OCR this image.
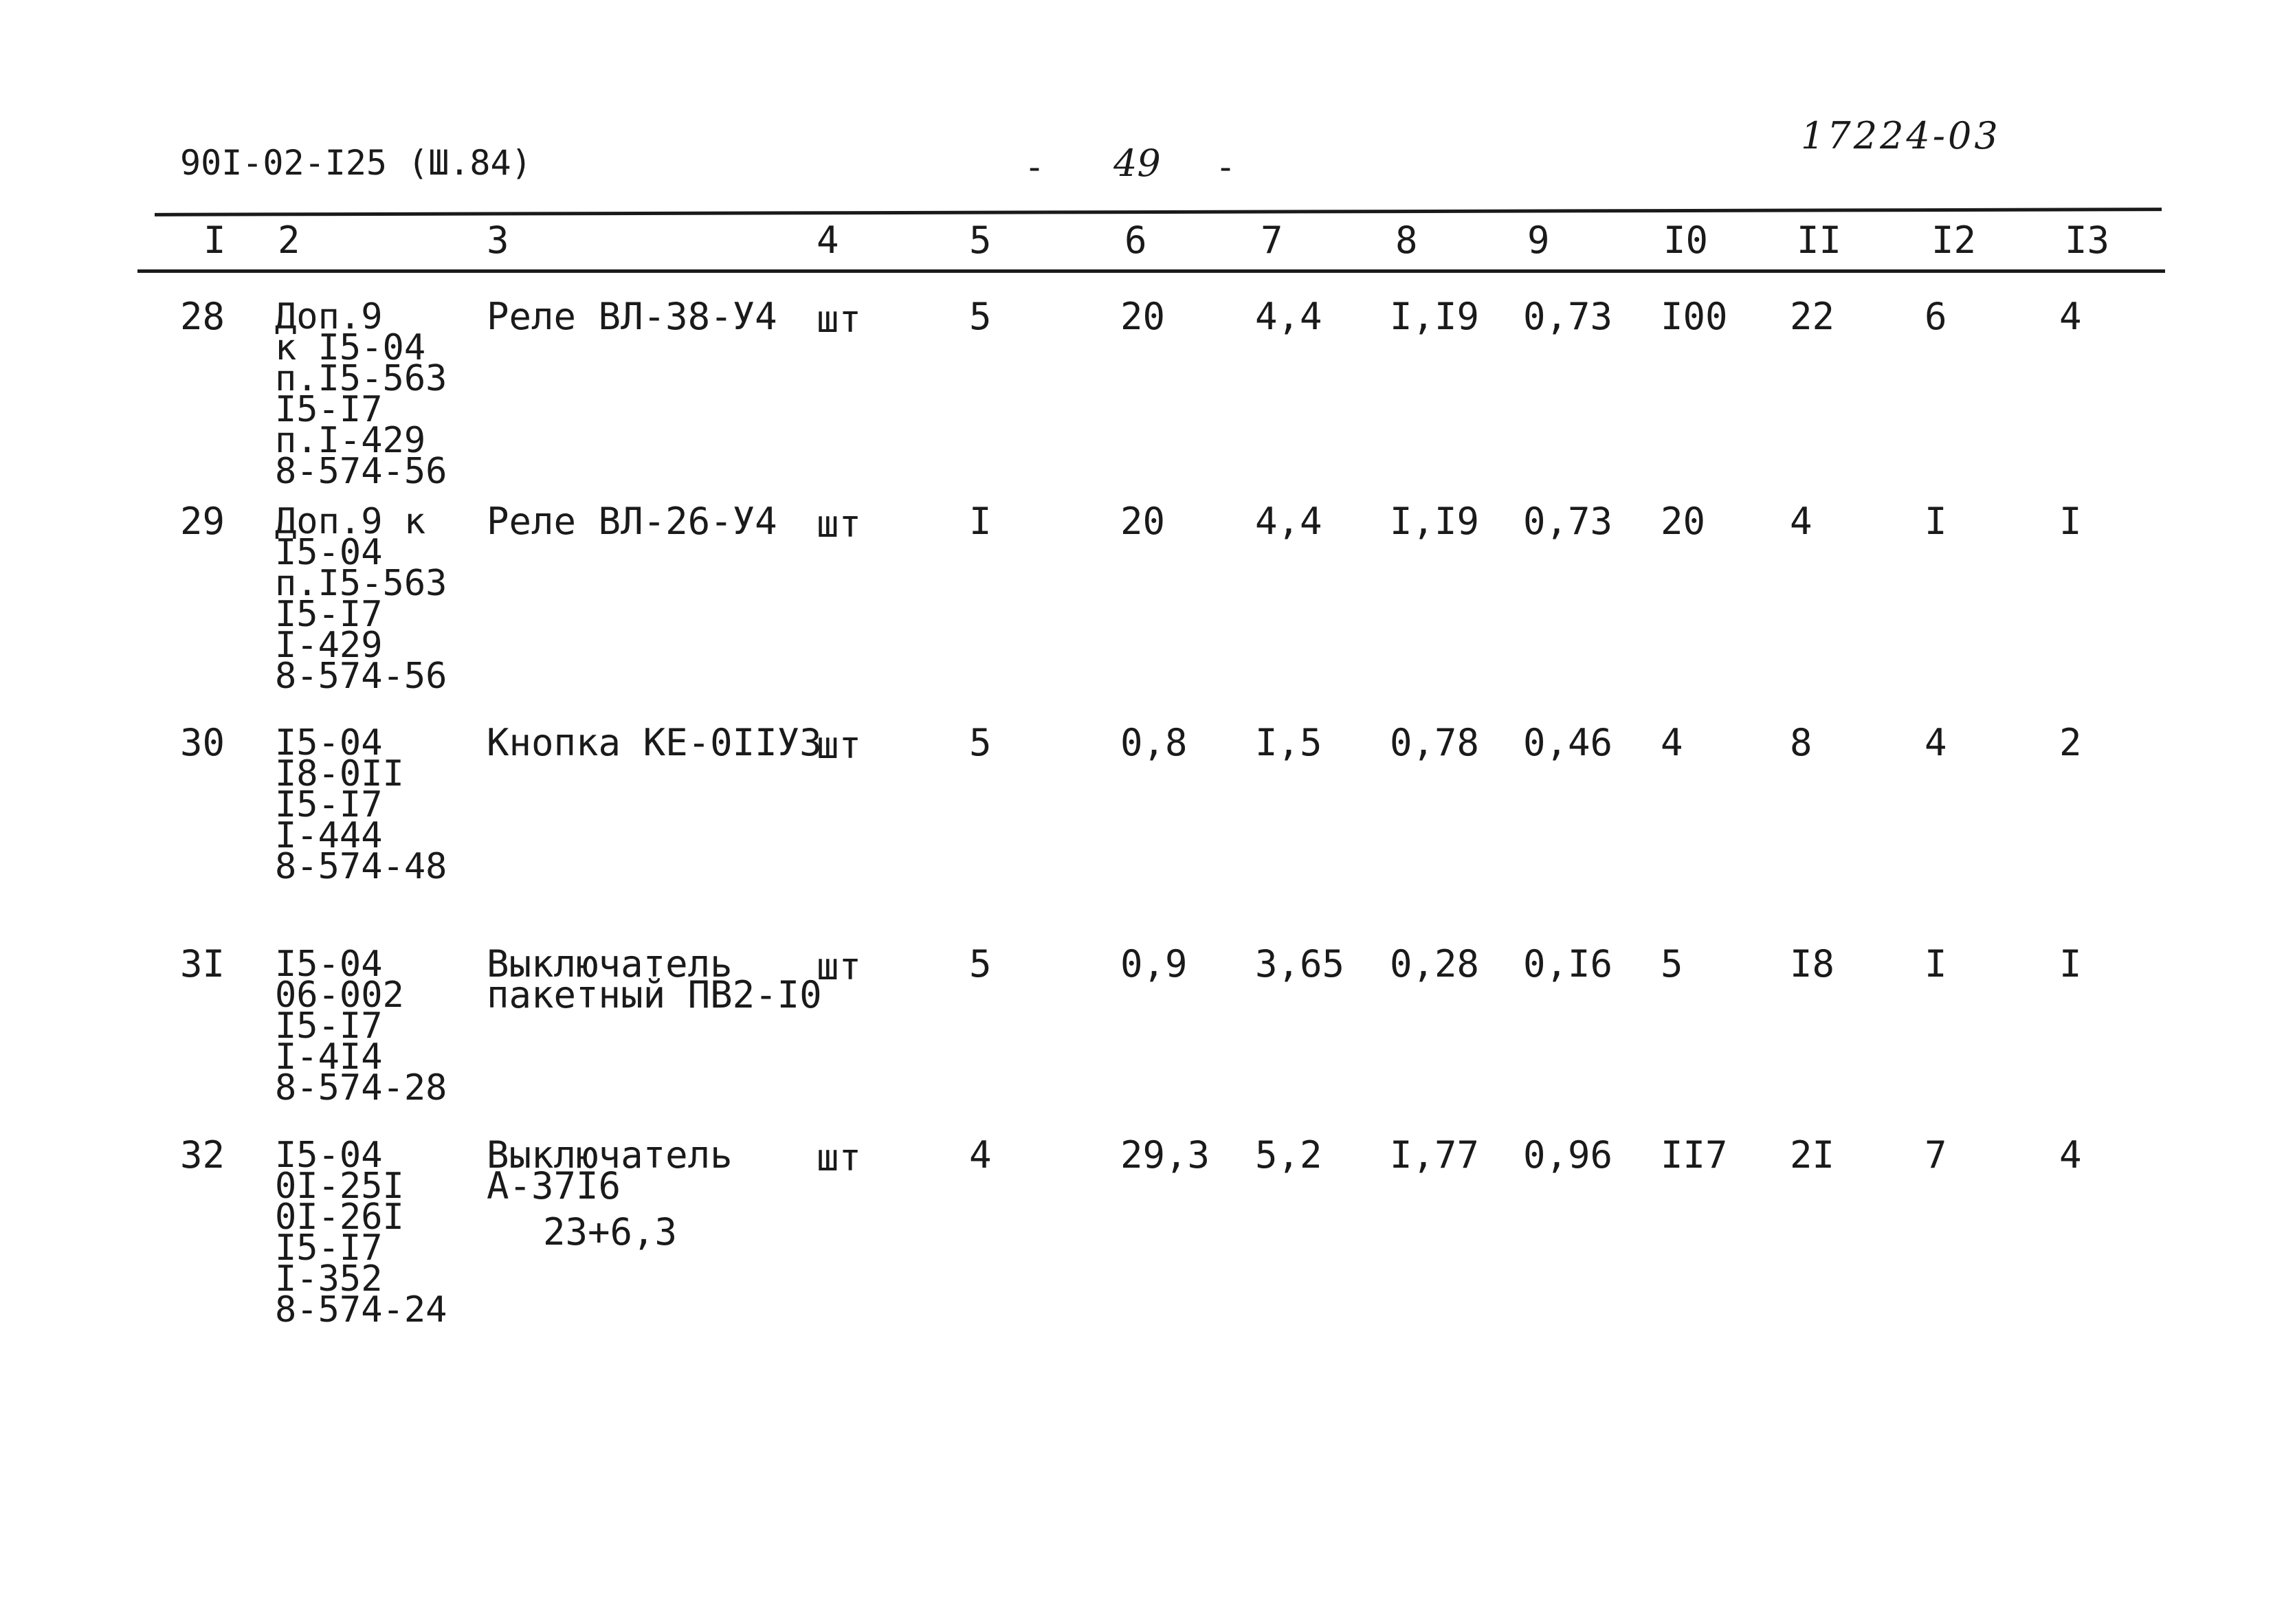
90I-02-I25 (Ш.84)	- 49 -
17224-03
I 2	3	4	5	6	7	8	9	I0 II I2 I3
28 Доп.9
к I5-04
п.I5-563
I5-I7
п.I-429
8-574-56
Реле ВЛ-38-У4 шт	5	20 4,4 I,I9 0,73 I00 22 6	4
29 Доп.9 к
I5-04
п.I5-563
I5-I7
I-429
8-574-56
Реле ВЛ-26-У4 шт	I	20 4,4 I,I9 0,73 20 4	I	I
30 I5-04
I8-0II
I5-I7
I-444
8-574-48
Кнопка КЕ-0IIУЗ
шт	5	0,8 I,5 0,78 0,46 4	8	4	2
3I I5-04
06-002
I5-I7
I-4I4
8-574-28
Выключатель
пакетный ПВ2-I0
шт	5	0,9 3,65 0,28 0,I6 5	I8 I	I
32 I5-04
0I-25I
0I-26I
I5-I7
I-352
8-574-24
Выключатель
А-37I6
23+6,3
шт	4	29,3 5,2 I,77 0,96 II7 2I 7	4
